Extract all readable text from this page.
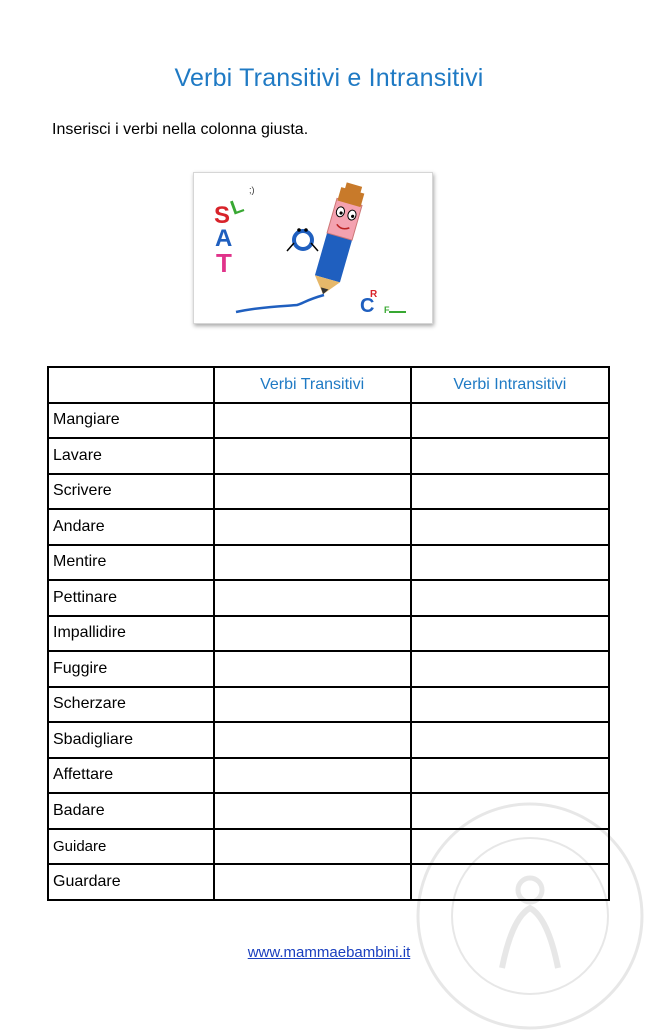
Verbi Transitivi e Intransitivi
Inserisci i verbi nella colonna giusta.
S
A
T
L
;)
C
R
F
	Verbi Transitivi	Verbi Intransitivi
Mangiare		
Lavare		
Scrivere		
Andare		
Mentire		
Pettinare		
Impallidire		
Fuggire		
Scherzare		
Sbadigliare		
Affettare		
Badare		
Guidare		
Guardare		
www.mammaebambini.it
